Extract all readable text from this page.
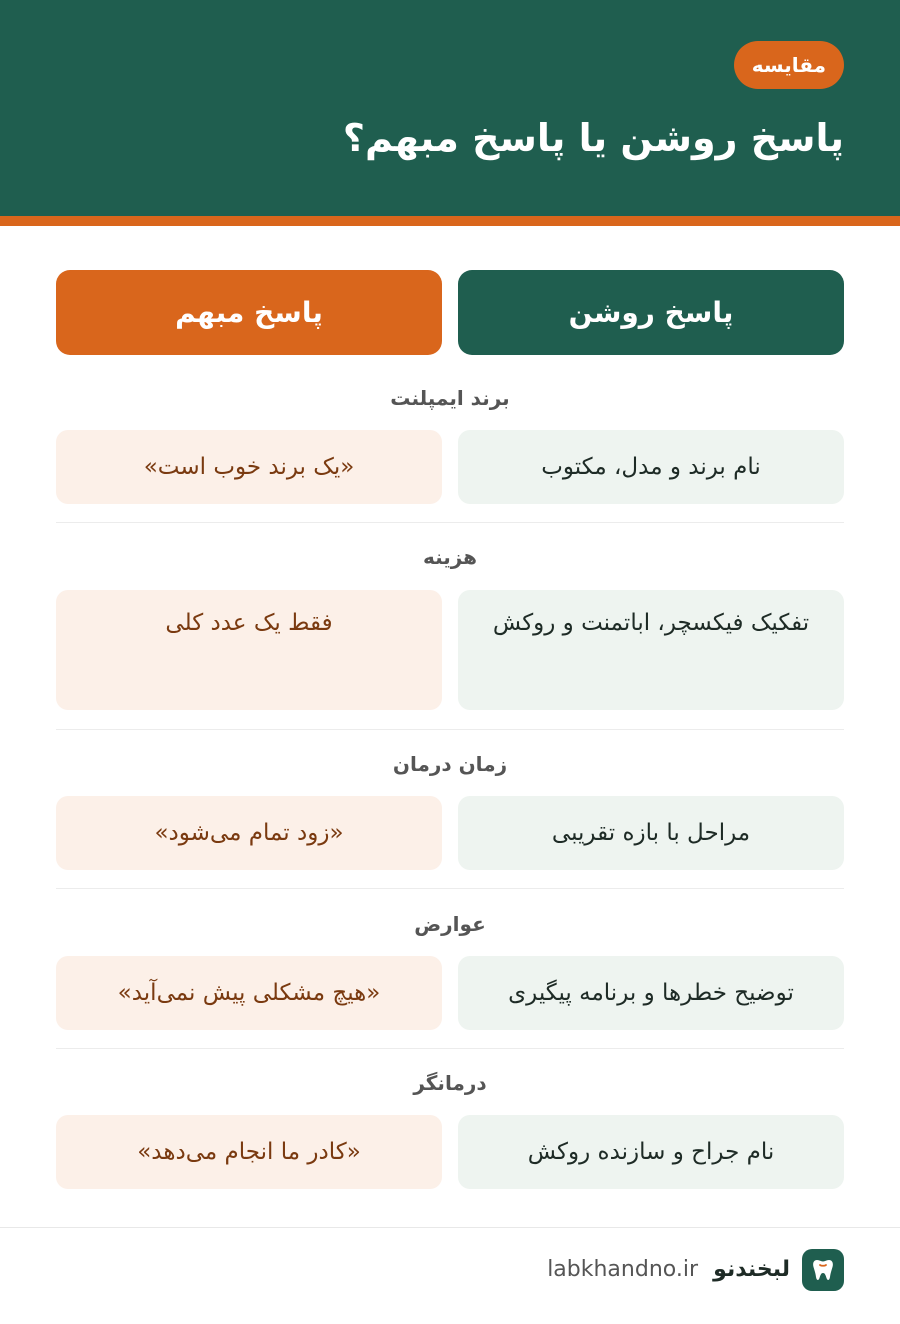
مقایسه
پاسخ روشن یا پاسخ مبهم؟
پاسخ روشن
پاسخ مبهم
برند ایمپلنت
نام برند و مدل، مکتوب
«یک برند خوب است»
هزینه
تفکیک فیکسچر، اباتمنت و روکش
فقط یک عدد کلی
زمان درمان
مراحل با بازه تقریبی
«زود تمام می‌شود»
عوارض
توضیح خطرها و برنامه پیگیری
«هیچ مشکلی پیش نمی‌آید»
درمانگر
نام جراح و سازنده روکش
«کادر ما انجام می‌دهد»
لبخندنو
labkhandno.ir
